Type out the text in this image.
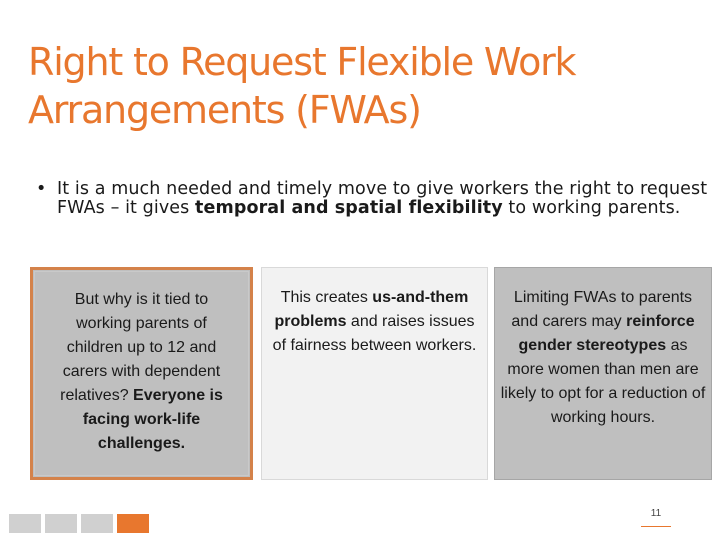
Right to Request Flexible Work
Arrangements (FWAs)
• It is a much needed and timely move to give workers the right to request FWAs – it gives temporal and spatial flexibility to working parents.
But why is it tied to working parents of children up to 12 and carers with dependent relatives? Everyone is facing work-life challenges.
This creates us-and-them problems and raises issues of fairness between workers.
Limiting FWAs to parents and carers may reinforce gender stereotypes as more women than men are likely to opt for a reduction of working hours.
11
